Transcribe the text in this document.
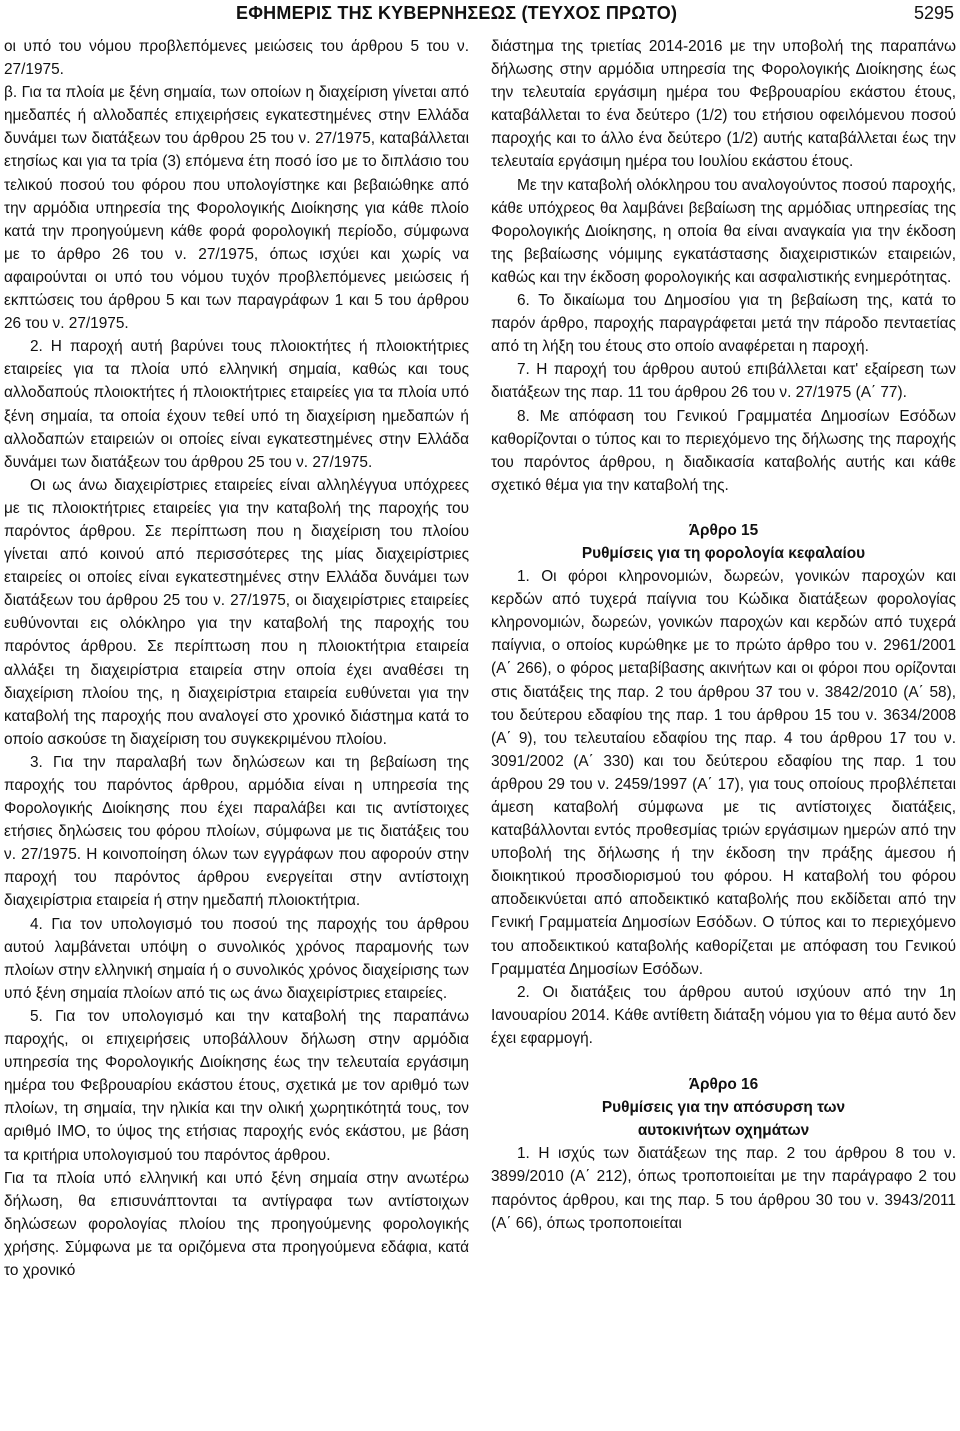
ΕΦΗΜΕΡΙΣ ΤΗΣ ΚΥΒΕΡΝΗΣΕΩΣ (ΤΕΥΧΟΣ ΠΡΩΤΟ)	5295

οι υπό του νόμου προβλεπόμενες μειώσεις του άρθρου 5 του ν. 27/1975.

β. Για τα πλοία με ξένη σημαία, των οποίων η διαχείριση γίνεται από ημεδαπές ή αλλοδαπές επιχειρήσεις εγκατεστημένες στην Ελλάδα δυνάμει των διατάξεων του άρθρου 25 του ν. 27/1975, καταβάλλεται ετησίως και για τα τρία (3) επόμενα έτη ποσό ίσο με το διπλάσιο του τελικού ποσού του φόρου που υπολογίστηκε και βεβαιώθηκε από την αρμόδια υπηρεσία της Φορολογικής Διοίκησης για κάθε πλοίο κατά την προηγούμενη κάθε φορά φορολογική περίοδο, σύμφωνα με το άρθρο 26 του ν. 27/1975, όπως ισχύει και χωρίς να αφαιρούνται οι υπό του νόμου τυχόν προβλεπόμενες μειώσεις ή εκπτώσεις του άρθρου 5 και των παραγράφων 1 και 5 του άρθρου 26 του ν. 27/1975.

2. Η παροχή αυτή βαρύνει τους πλοιοκτήτες ή πλοιοκτήτριες εταιρείες για τα πλοία υπό ελληνική σημαία, καθώς και τους αλλοδαπούς πλοιοκτήτες ή πλοιοκτήτριες εταιρείες για τα πλοία υπό ξένη σημαία, τα οποία έχουν τεθεί υπό τη διαχείριση ημεδαπών ή αλλοδαπών εταιρειών οι οποίες είναι εγκατεστημένες στην Ελλάδα δυνάμει των διατάξεων του άρθρου 25 του ν. 27/1975.

Οι ως άνω διαχειρίστριες εταιρείες είναι αλληλέγγυα υπόχρεες με τις πλοιοκτήτριες εταιρείες για την καταβολή της παροχής του παρόντος άρθρου. Σε περίπτωση που η διαχείριση του πλοίου γίνεται από κοινού από περισσότερες της μίας διαχειρίστριες εταιρείες οι οποίες είναι εγκατεστημένες στην Ελλάδα δυνάμει των διατάξεων του άρθρου 25 του ν. 27/1975, οι διαχειρίστριες εταιρείες ευθύνονται εις ολόκληρο για την καταβολή της παροχής του παρόντος άρθρου. Σε περίπτωση που η πλοιοκτήτρια εταιρεία αλλάξει τη διαχειρίστρια εταιρεία στην οποία έχει αναθέσει τη διαχείριση πλοίου της, η διαχειρίστρια εταιρεία ευθύνεται για την καταβολή της παροχής που αναλογεί στο χρονικό διάστημα κατά το οποίο ασκούσε τη διαχείριση του συγκεκριμένου πλοίου.

3. Για την παραλαβή των δηλώσεων και τη βεβαίωση της παροχής του παρόντος άρθρου, αρμόδια είναι η υπηρεσία της Φορολογικής Διοίκησης που έχει παραλάβει και τις αντίστοιχες ετήσιες δηλώσεις του φόρου πλοίων, σύμφωνα με τις διατάξεις του ν. 27/1975. Η κοινοποίηση όλων των εγγράφων που αφορούν στην παροχή του παρόντος άρθρου ενεργείται στην αντίστοιχη διαχειρίστρια εταιρεία ή στην ημεδαπή πλοιοκτήτρια.

4. Για τον υπολογισμό του ποσού της παροχής του άρθρου αυτού λαμβάνεται υπόψη ο συνολικός χρόνος παραμονής των πλοίων στην ελληνική σημαία ή ο συνολικός χρόνος διαχείρισης των υπό ξένη σημαία πλοίων από τις ως άνω διαχειρίστριες εταιρείες.

5. Για τον υπολογισμό και την καταβολή της παραπάνω παροχής, οι επιχειρήσεις υποβάλλουν δήλωση στην αρμόδια υπηρεσία της Φορολογικής Διοίκησης έως την τελευταία εργάσιμη ημέρα του Φεβρουαρίου εκάστου έτους, σχετικά με τον αριθμό των πλοίων, τη σημαία, την ηλικία και την ολική χωρητικότητά τους, τον αριθμό ΙΜΟ, το ύψος της ετήσιας παροχής ενός εκάστου, με βάση τα κριτήρια υπολογισμού του παρόντος άρθρου.

Για τα πλοία υπό ελληνική και υπό ξένη σημαία στην ανωτέρω δήλωση, θα επισυνάπτονται τα αντίγραφα των αντίστοιχων δηλώσεων φορολογίας πλοίου της προηγούμενης φορολογικής χρήσης. Σύμφωνα με τα οριζόμενα στα προηγούμενα εδάφια, κατά το χρονικό

διάστημα της τριετίας 2014-2016 με την υποβολή της παραπάνω δήλωσης στην αρμόδια υπηρεσία της Φορολογικής Διοίκησης έως την τελευταία εργάσιμη ημέρα του Φεβρουαρίου εκάστου έτους, καταβάλλεται το ένα δεύτερο (1/2) του ετήσιου οφειλόμενου ποσού παροχής και το άλλο ένα δεύτερο (1/2) αυτής καταβάλλεται έως την τελευταία εργάσιμη ημέρα του Ιουλίου εκάστου έτους.

Με την καταβολή ολόκληρου του αναλογούντος ποσού παροχής, κάθε υπόχρεος θα λαμβάνει βεβαίωση της αρμόδιας υπηρεσίας της Φορολογικής Διοίκησης, η οποία θα είναι αναγκαία για την έκδοση της βεβαίωσης νόμιμης εγκατάστασης διαχειριστικών εταιρειών, καθώς και την έκδοση φορολογικής και ασφαλιστικής ενημερότητας.

6. Το δικαίωμα του Δημοσίου για τη βεβαίωση της, κατά το παρόν άρθρο, παροχής παραγράφεται μετά την πάροδο πενταετίας από τη λήξη του έτους στο οποίο αναφέρεται η παροχή.

7. Η παροχή του άρθρου αυτού επιβάλλεται κατ' εξαίρεση των διατάξεων της παρ. 11 του άρθρου 26 του ν. 27/1975 (Α΄ 77).

8. Με απόφαση του Γενικού Γραμματέα Δημοσίων Εσόδων καθορίζονται ο τύπος και το περιεχόμενο της δήλωσης της παροχής του παρόντος άρθρου, η διαδικασία καταβολής αυτής και κάθε σχετικό θέμα για την καταβολή της.

Άρθρο 15

Ρυθμίσεις για τη φορολογία κεφαλαίου

1. Οι φόροι κληρονομιών, δωρεών, γονικών παροχών και κερδών από τυχερά παίγνια του Κώδικα διατάξεων φορολογίας κληρονομιών, δωρεών, γονικών παροχών και κερδών από τυχερά παίγνια, ο οποίος κυρώθηκε με το πρώτο άρθρο του ν. 2961/2001 (Α΄ 266), ο φόρος μεταβίβασης ακινήτων και οι φόροι που ορίζονται στις διατάξεις της παρ. 2 του άρθρου 37 του ν. 3842/2010 (Α΄ 58), του δεύτερου εδαφίου της παρ. 1 του άρθρου 15 του ν. 3634/2008 (Α΄ 9), του τελευταίου εδαφίου της παρ. 4 του άρθρου 17 του ν. 3091/2002 (Α΄ 330) και του δεύτερου εδαφίου της παρ. 1 του άρθρου 29 του ν. 2459/1997 (Α΄ 17), για τους οποίους προβλέπεται άμεση καταβολή σύμφωνα με τις αντίστοιχες διατάξεις, καταβάλλονται εντός προθεσμίας τριών εργάσιμων ημερών από την υποβολή της δήλωσης ή την έκδοση την πράξης άμεσου ή διοικητικού προσδιορισμού του φόρου. Η καταβολή του φόρου αποδεικνύεται από αποδεικτικό καταβολής που εκδίδεται από την Γενική Γραμματεία Δημοσίων Εσόδων. Ο τύπος και το περιεχόμενο του αποδεικτικού καταβολής καθορίζεται με απόφαση του Γενικού Γραμματέα Δημοσίων Εσόδων.

2. Οι διατάξεις του άρθρου αυτού ισχύουν από την 1η Ιανουαρίου 2014. Κάθε αντίθετη διάταξη νόμου για το θέμα αυτό δεν έχει εφαρμογή.

Άρθρο 16

Ρυθμίσεις για την απόσυρση των

αυτοκινήτων οχημάτων

1. Η ισχύς των διατάξεων της παρ. 2 του άρθρου 8 του ν. 3899/2010 (Α΄ 212), όπως τροποποιείται με την παράγραφο 2 του παρόντος άρθρου, και της παρ. 5 του άρθρου 30 του ν. 3943/2011 (Α΄ 66), όπως τροποποιείται
